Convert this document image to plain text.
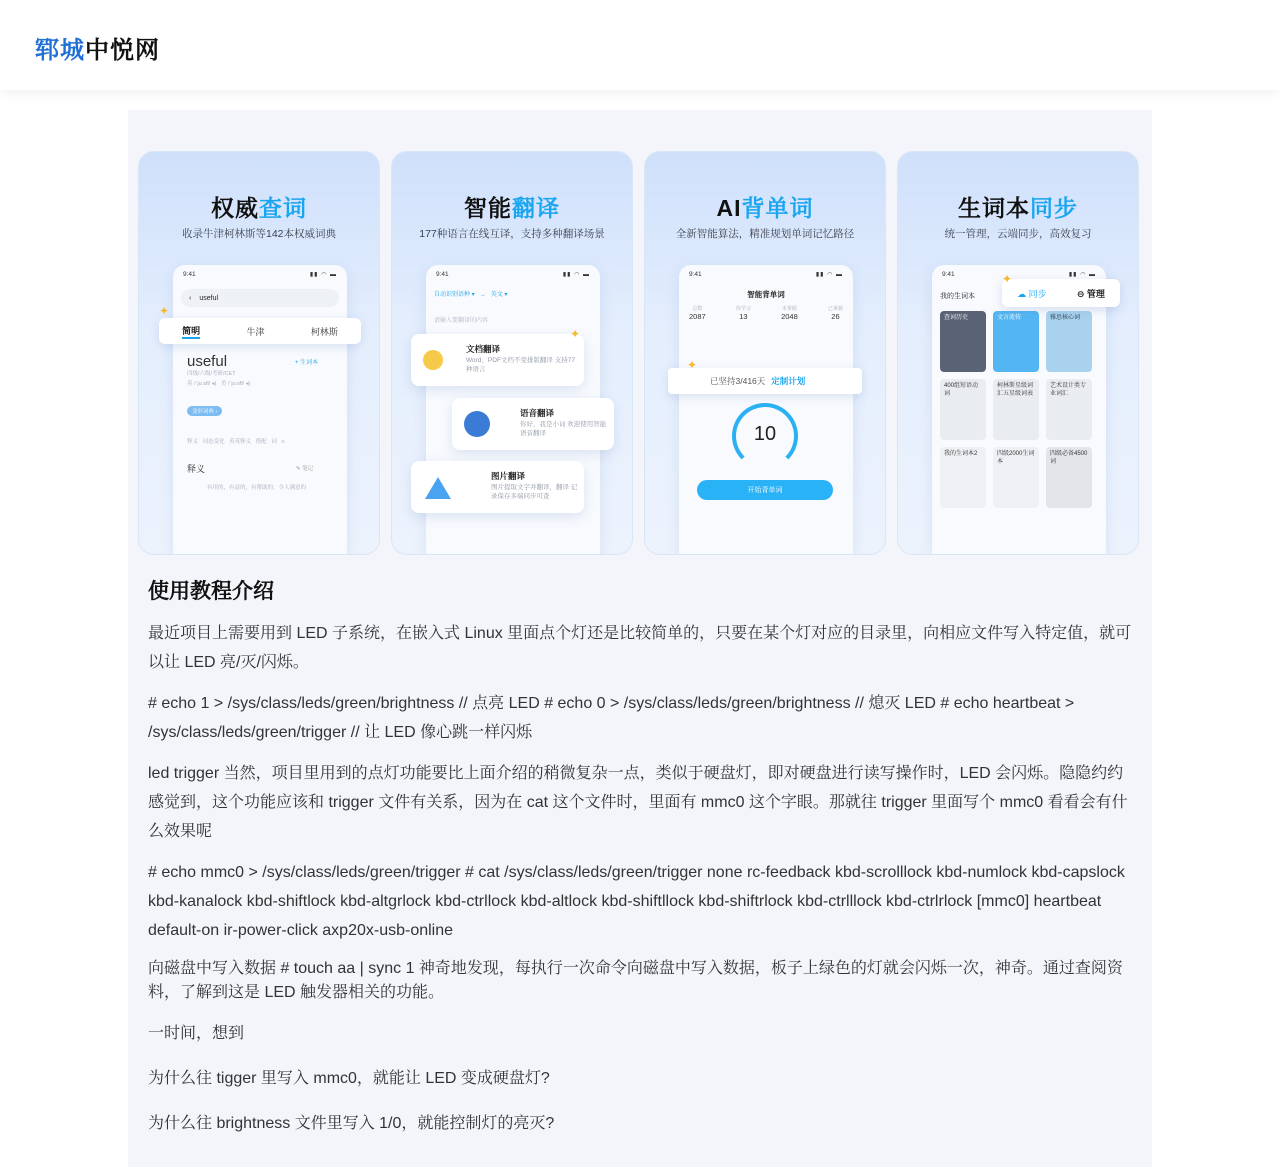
郓城 中悦网
权威查词
收录牛津柯林斯等142本权威词典
9:41	▮▮ ◠ ▬
‹ useful
四级/六级/考研/CET
英 /ˈjuːsfl/ ◂)   美 /ˈjuːsfl/ ◂)
useful	+ 生词本
变形词典 ›
释义   词态变化   英英释义   搭配   词   ≡
释义	✎ 笔记
有用的，有益的，有帮助的，令人满意的
简明	牛津	柯林斯
✦
智能翻译
177种语言在线互译，支持多种翻译场景
9:41	▮▮ ◠ ▬
自动识别语种 ▾   →   英文 ▾
请输入要翻译的内容
文档翻译
Word、PDF文档不变排版翻译 支持77种语言
语音翻译
你好，我是小词 欢迎使用智能语音翻译
图片翻译
图片提取文字并翻译，翻译 记录保存多端同步可查
✦
AI背单词
全新智能算法，精准规划单词记忆路径
9:41	▮▮ ◠ ▬
智能背单词
总数
2087
待学习
13
未掌握
2048
已掌握
26
10
开始背单词
已坚持3/416天 定制计划
✦
生词本同步
统一管理，云端同步，高效复习
9:41	▮▮ ◠ ▬
我的生词本
查词历史	文言流传	雅思核心词
400组短语动词
柯林斯星级词汇五星级词表
艺术设计类专业词汇
我的生词本2	四级2000生词本
四级必备4500词
☁ 同步	⊖ 管理
✦
使用教程介绍

最近项目上需要用到 LED 子系统，在嵌入式 Linux 里面点个灯还是比较简单的，只要在某个灯对应的目录里，向相应文件写入特定值，就可以让 LED 亮/灭/闪烁。

# echo 1 > /sys/class/leds/green/brightness // 点亮 LED # echo 0 > /sys/class/leds/green/brightness // 熄灭 LED # echo heartbeat > /sys/class/leds/green/trigger // 让 LED 像心跳一样闪烁

led trigger 当然，项目里用到的点灯功能要比上面介绍的稍微复杂一点，类似于硬盘灯，即对硬盘进行读写操作时，LED 会闪烁。隐隐约约感觉到，这个功能应该和 trigger 文件有关系，因为在 cat 这个文件时，里面有 mmc0 这个字眼。那就往 trigger 里面写个 mmc0 看看会有什么效果呢

# echo mmc0 > /sys/class/leds/green/trigger # cat /sys/class/leds/green/trigger none rc-feedback kbd-scrolllock kbd-numlock kbd-capslock kbd-kanalock kbd-shiftlock kbd-altgrlock kbd-ctrllock kbd-altlock kbd-shiftllock kbd-shiftrlock kbd-ctrlllock kbd-ctrlrlock [mmc0] heartbeat default-on ir-power-click axp20x-usb-online

向磁盘中写入数据 # touch aa | sync 1 神奇地发现，每执行一次命令向磁盘中写入数据，板子上绿色的灯就会闪烁一次，神奇。通过查阅资料，了解到这是 LED 触发器相关的功能。

一时间，想到

为什么往 tigger 里写入 mmc0，就能让 LED 变成硬盘灯?

为什么往 brightness 文件里写入 1/0，就能控制灯的亮灭?
